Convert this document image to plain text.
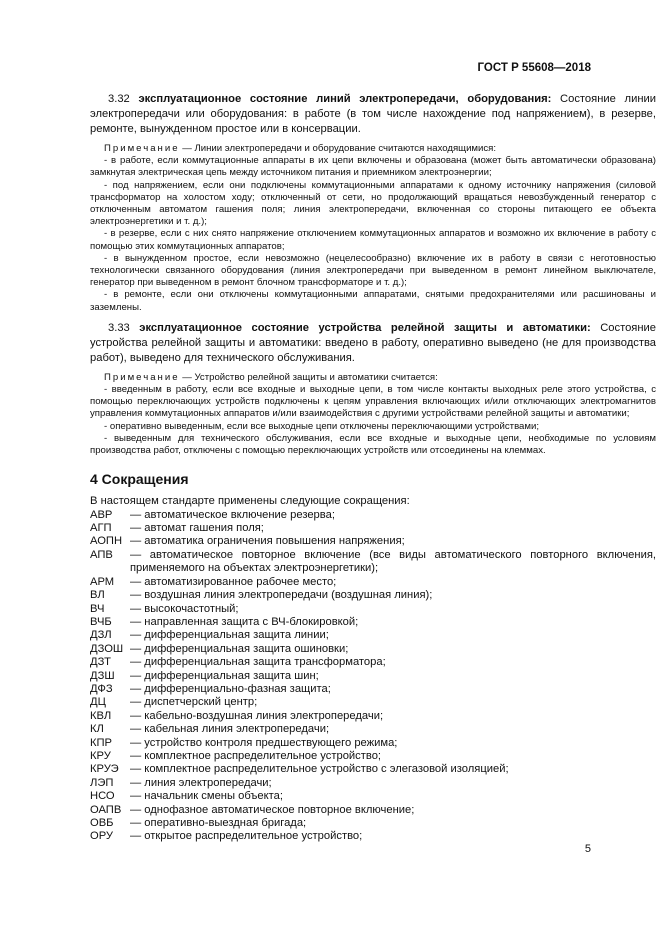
ГОСТ Р 55608—2018

3.32 эксплуатационное состояние линий электропередачи, оборудования: Состояние линии электропередачи или оборудования: в работе (в том числе нахождение под напряжением), в резерве, ремонте, вынужденном простое или в консервации.

Примечание — Линии электропередачи и оборудование считаются находящимися:

- в работе, если коммутационные аппараты в их цепи включены и образована (может быть автоматически образована) замкнутая электрическая цепь между источником питания и приемником электроэнергии;

- под напряжением, если они подключены коммутационными аппаратами к одному источнику напряжения (силовой трансформатор на холостом ходу; отключенный от сети, но продолжающий вращаться невозбужденный генератор с отключенным автоматом гашения поля; линия электропередачи, включенная со стороны питающего ее объекта электроэнергетики и т. д.);

- в резерве, если с них снято напряжение отключением коммутационных аппаратов и возможно их включение в работу с помощью этих коммутационных аппаратов;

- в вынужденном простое, если невозможно (нецелесообразно) включение их в работу в связи с неготовностью технологически связанного оборудования (линия электропередачи при выведенном в ремонт линейном выключателе, генератор при выведенном в ремонт блочном трансформаторе и т. д.);

- в ремонте, если они отключены коммутационными аппаратами, снятыми предохранителями или расшинованы и заземлены.

3.33 эксплуатационное состояние устройства релейной защиты и автоматики: Состояние устройства релейной защиты и автоматики: введено в работу, оперативно выведено (не для производства работ), выведено для технического обслуживания.

Примечание — Устройство релейной защиты и автоматики считается:

- введенным в работу, если все входные и выходные цепи, в том числе контакты выходных реле этого устройства, с помощью переключающих устройств подключены к цепям управления включающих и/или отключающих электромагнитов управления коммутационных аппаратов и/или взаимодействия с другими устройствами релейной защиты и автоматики;

- оперативно выведенным, если все выходные цепи отключены переключающими устройствами;

- выведенным для технического обслуживания, если все входные и выходные цепи, необходимые по условиям производства работ, отключены с помощью переключающих устройств или отсоединены на клеммах.

4 Сокращения

В настоящем стандарте применены следующие сокращения:

АВР	— автоматическое включение резерва;
АГП	— автомат гашения поля;
АОПН	— автоматика ограничения повышения напряжения;
АПВ	— автоматическое повторное включение (все виды автоматического повторного включения, применяемого на объектах электроэнергетики);
АРМ	— автоматизированное рабочее место;
ВЛ	— воздушная линия электропередачи (воздушная линия);
ВЧ	— высокочастотный;
ВЧБ	— направленная защита с ВЧ-блокировкой;
ДЗЛ	— дифференциальная защита линии;
ДЗОШ	— дифференциальная защита ошиновки;
ДЗТ	— дифференциальная защита трансформатора;
ДЗШ	— дифференциальная защита шин;
ДФЗ	— дифференциально-фазная защита;
ДЦ	— диспетчерский центр;
КВЛ	— кабельно-воздушная линия электропередачи;
КЛ	— кабельная линия электропередачи;
КПР	— устройство контроля предшествующего режима;
КРУ	— комплектное распределительное устройство;
КРУЭ	— комплектное распределительное устройство с элегазовой изоляцией;
ЛЭП	— линия электропередачи;
НСО	— начальник смены объекта;
ОАПВ	— однофазное автоматическое повторное включение;
ОВБ	— оперативно-выездная бригада;
ОРУ	— открытое распределительное устройство;
5
